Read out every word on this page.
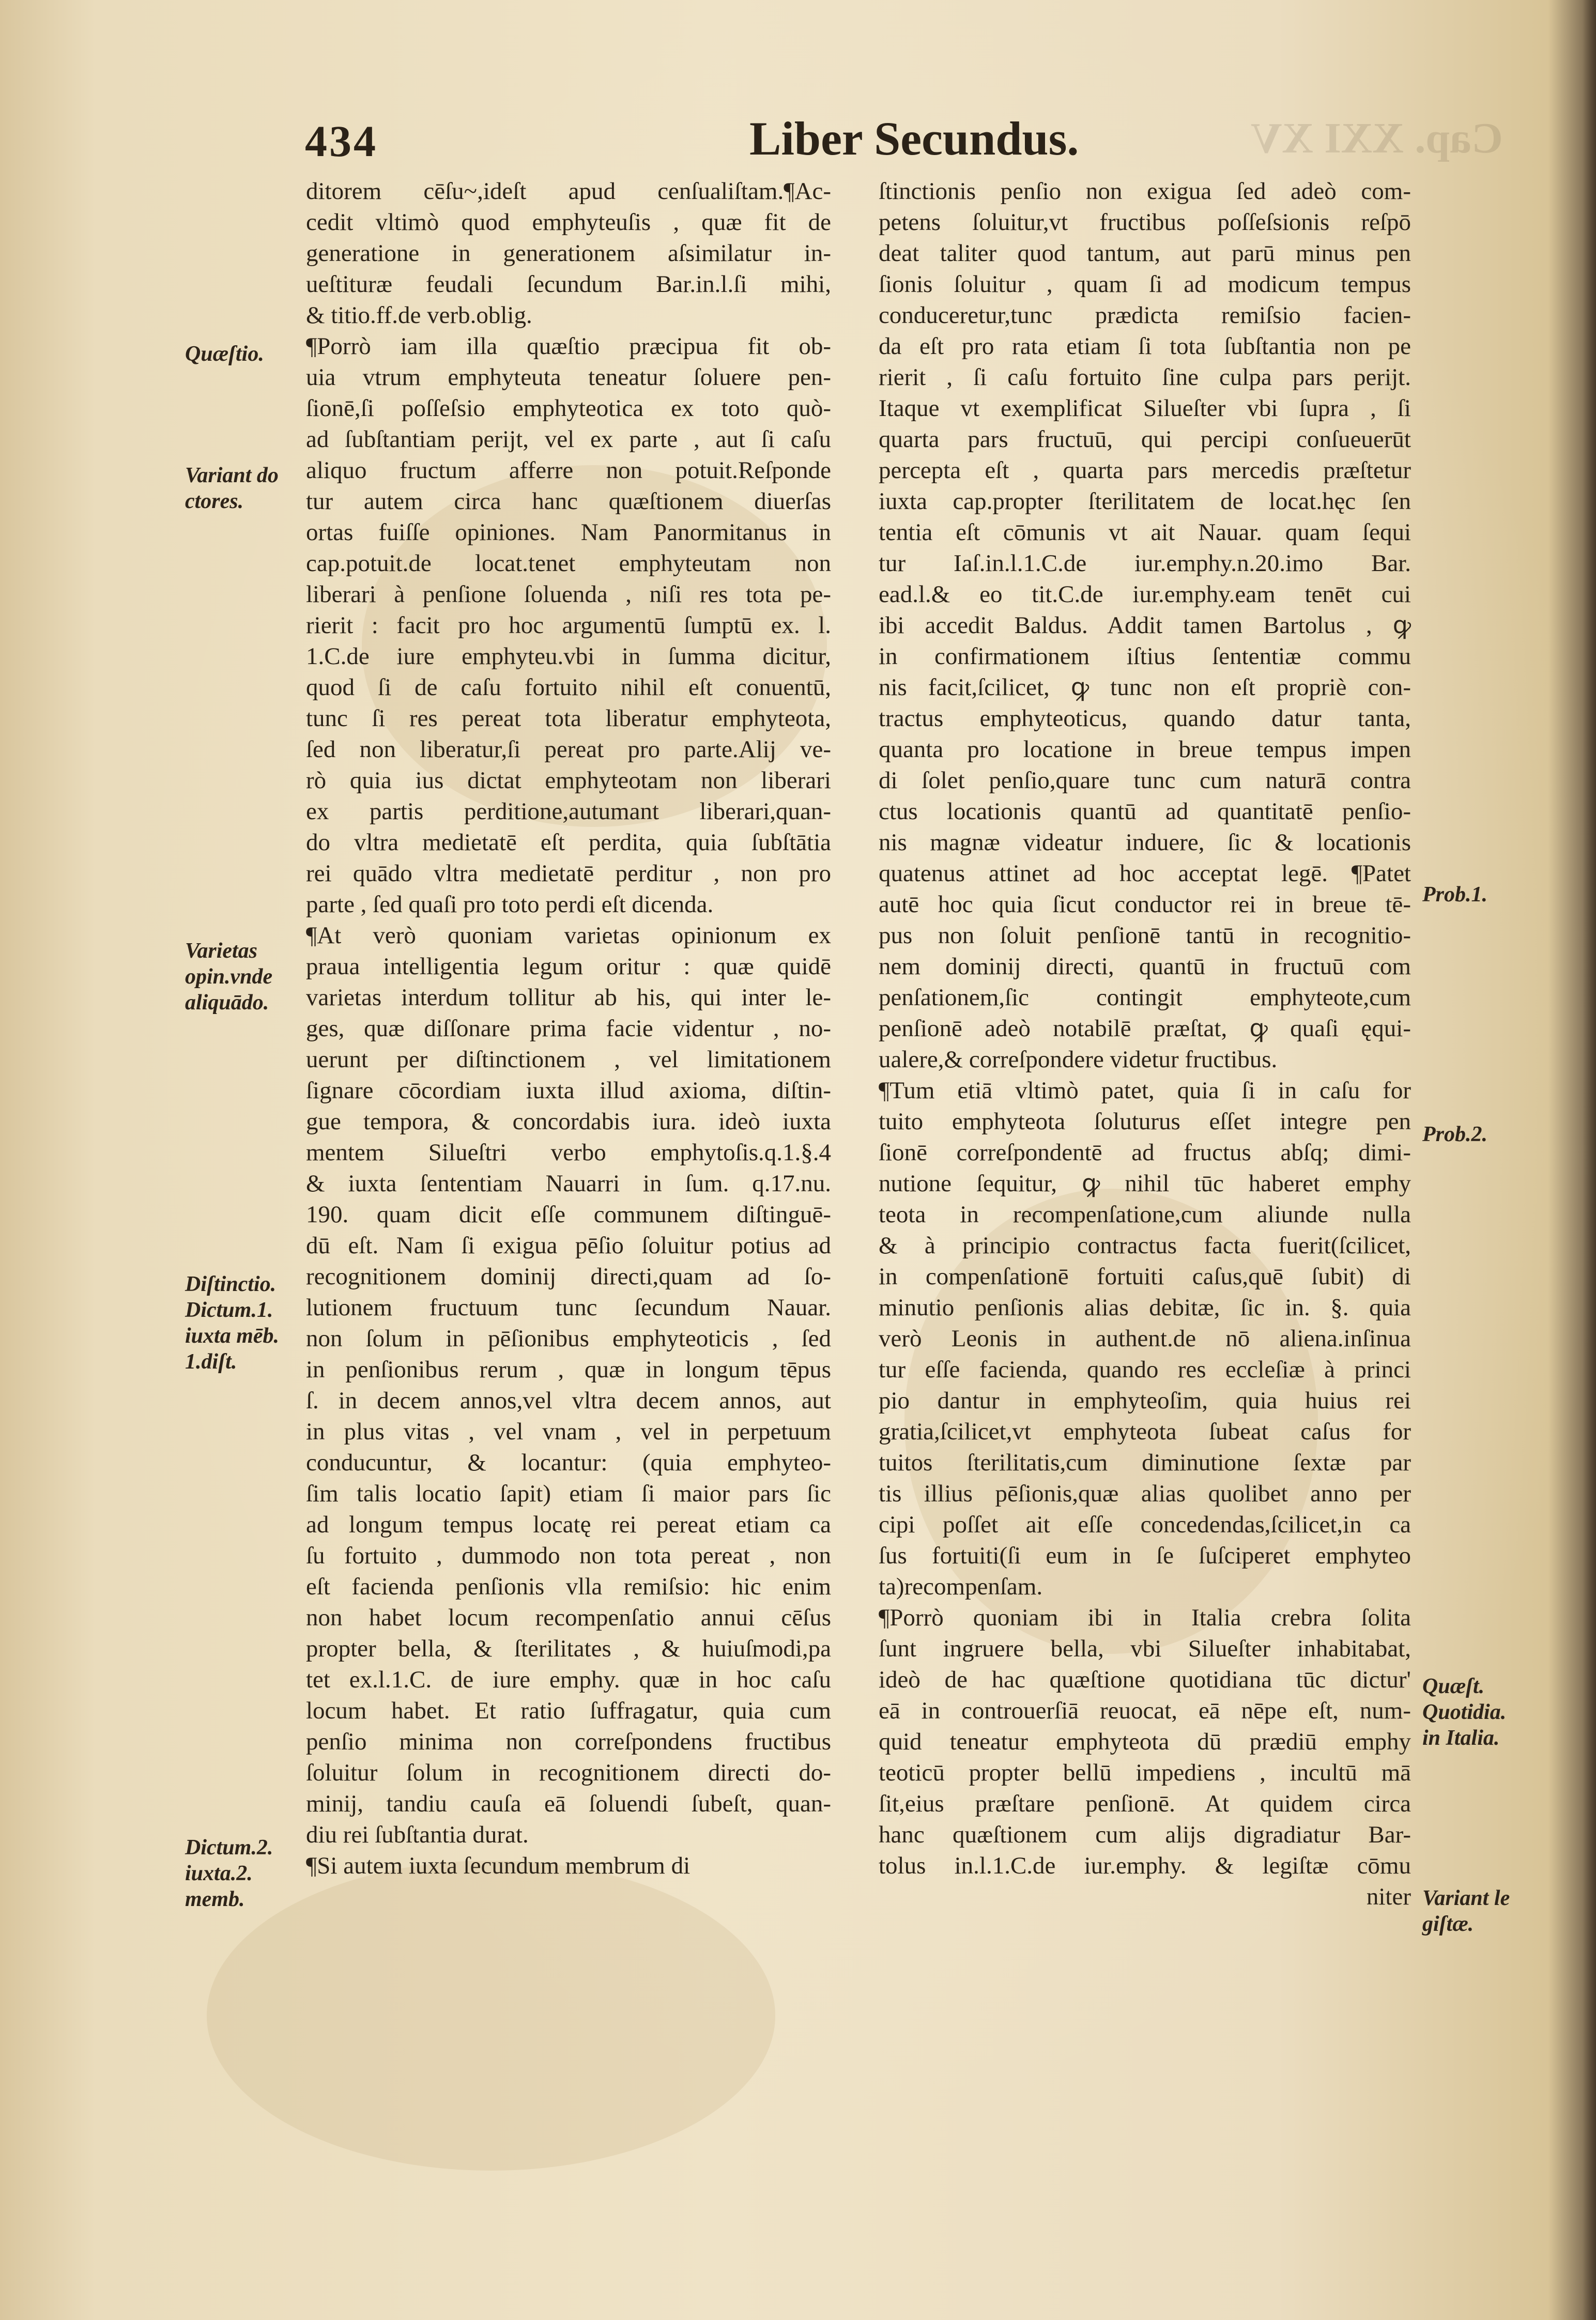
434	Liber Secundus.	Cap. XXI XV
ditorem cēſu~,ideſt apud cenſualiſtam.¶Ac-
cedit vltimò quod emphyteuſis , quæ fit de
generatione in generationem aſsimilatur in-
ueſtituræ feudali ſecundum Bar.in.l.ſi mihi,
& titio.ff.de verb.oblig.
¶Porrò iam illa quæſtio præcipua fit ob-
uia vtrum emphyteuta teneatur ſoluere pen-
ſionē,ſi poſſeſsio emphyteotica ex toto quò-
ad ſubſtantiam perijt, vel ex parte , aut ſi caſu
aliquo fructum afferre non potuit.Reſponde
tur autem circa hanc quæſtionem diuerſas
ortas fuiſſe opiniones. Nam Panormitanus in
cap.potuit.de locat.tenet emphyteutam non
liberari à penſione ſoluenda , niſi res tota pe-
rierit : facit pro hoc argumentū ſumptū ex. l.
1.C.de iure emphyteu.vbi in ſumma dicitur,
quod ſi de caſu fortuito nihil eſt conuentū,
tunc ſi res pereat tota liberatur emphyteota,
ſed non liberatur,ſi pereat pro parte.Alij ve-
rò quia ius dictat emphyteotam non liberari
ex partis perditione,autumant liberari,quan-
do vltra medietatē eſt perdita, quia ſubſtātia
rei quādo vltra medietatē perditur , non pro
parte , ſed quaſi pro toto perdi eſt dicenda.
¶At verò quoniam varietas opinionum ex
praua intelligentia legum oritur : quæ quidē
varietas interdum tollitur ab his, qui inter le-
ges, quæ diſſonare prima facie videntur , no-
uerunt per diſtinctionem , vel limitationem
ſignare cōcordiam iuxta illud axioma, diſtin-
gue tempora, & concordabis iura. ideò iuxta
mentem Silueſtri verbo emphytoſis.q.1.§.4
& iuxta ſententiam Nauarri in ſum. q.17.nu.
190. quam dicit eſſe communem diſtinguē-
dū eſt. Nam ſi exigua pēſio ſoluitur potius ad
recognitionem dominij directi,quam ad ſo-
lutionem fructuum tunc ſecundum Nauar.
non ſolum in pēſionibus emphyteoticis , ſed
in penſionibus rerum , quæ in longum tēpus
ſ. in decem annos,vel vltra decem annos, aut
in plus vitas , vel vnam , vel in perpetuum
conducuntur, & locantur: (quia emphyteo-
ſim talis locatio ſapit) etiam ſi maior pars ſic
ad longum tempus locatę rei pereat etiam ca
ſu fortuito , dummodo non tota pereat , non
eſt facienda penſionis vlla remiſsio: hic enim
non habet locum recompenſatio annui cēſus
propter bella, & ſterilitates , & huiuſmodi,pa
tet ex.l.1.C. de iure emphy. quæ in hoc caſu
locum habet. Et ratio ſuffragatur, quia cum
penſio minima non correſpondens fructibus
ſoluitur ſolum in recognitionem directi do-
minij, tandiu cauſa eā ſoluendi ſubeſt, quan-
diu rei ſubſtantia durat.
¶Si autem iuxta ſecundum membrum di
ſtinctionis penſio non exigua ſed adeò com-
petens ſoluitur,vt fructibus poſſeſsionis reſpō
deat taliter quod tantum, aut parū minus pen
ſionis ſoluitur , quam ſi ad modicum tempus
conduceretur,tunc prædicta remiſsio facien-
da eſt pro rata etiam ſi tota ſubſtantia non pe
rierit , ſi caſu fortuito ſine culpa pars perijt.
Itaque vt exemplificat Silueſter vbi ſupra , ſi
quarta pars fructuū, qui percipi conſueuerūt
percepta eſt , quarta pars mercedis præſtetur
iuxta cap.propter ſterilitatem de locat.hęc ſen
tentia eſt cōmunis vt ait Nauar. quam ſequi
tur Iaſ.in.l.1.C.de iur.emphy.n.20.imo Bar.
ead.l.& eo tit.C.de iur.emphy.eam tenēt cui
ibi accedit Baldus. Addit tamen Bartolus , ꝙ
in confirmationem iſtius ſententiæ commu
nis facit,ſcilicet, ꝙ tunc non eſt propriè con-
tractus emphyteoticus, quando datur tanta,
quanta pro locatione in breue tempus impen
di ſolet penſio,quare tunc cum naturā contra
ctus locationis quantū ad quantitatē penſio-
nis magnæ videatur induere, ſic & locationis
quatenus attinet ad hoc acceptat legē. ¶Patet
autē hoc quia ſicut conductor rei in breue tē-
pus non ſoluit penſionē tantū in recognitio-
nem dominij directi, quantū in fructuū com
penſationem,ſic contingit emphyteote,cum
penſionē adeò notabilē præſtat, ꝙ quaſi ęqui-
ualere,& correſpondere videtur fructibus.
¶Tum etiā vltimò patet, quia ſi in caſu for
tuito emphyteota ſoluturus eſſet integre pen
ſionē correſpondentē ad fructus abſq; dimi-
nutione ſequitur, ꝙ nihil tūc haberet emphy
teota in recompenſatione,cum aliunde nulla
& à principio contractus facta fuerit(ſcilicet,
in compenſationē fortuiti caſus,quē ſubit) di
minutio penſionis alias debitæ, ſic in. §. quia
verò Leonis in authent.de nō aliena.inſinua
tur eſſe facienda, quando res eccleſiæ à princi
pio dantur in emphyteoſim, quia huius rei
gratia,ſcilicet,vt emphyteota ſubeat caſus for
tuitos ſterilitatis,cum diminutione ſextæ par
tis illius pēſionis,quæ alias quolibet anno per
cipi poſſet ait eſſe concedendas,ſcilicet,in ca
ſus fortuiti(ſi eum in ſe ſuſciperet emphyteo
ta)recompenſam.
¶Porrò quoniam ibi in Italia crebra ſolita
ſunt ingruere bella, vbi Silueſter inhabitabat,
ideò de hac quæſtione quotidiana tūc dictur'
eā in controuerſiā reuocat, eā nēpe eſt, num-
quid teneatur emphyteota dū prædiū emphy
teoticū propter bellū impediens , incultū mā
ſit,eius præſtare penſionē. At quidem circa
hanc quæſtionem cum alijs digradiatur Bar-
tolus in.l.1.C.de iur.emphy. & legiſtæ cōmu
niter
Quæſtio.
Variant do
ctores.
Varietas
opin.vnde
aliquādo.
Diſtinctio.
Dictum.1.
iuxta mēb.
1.diſt.
Dictum.2.
iuxta.2.
memb.
Prob.1.
Prob.2.
Quæſt.
Quotidia.
in Italia.
Variant le
giſtæ.
